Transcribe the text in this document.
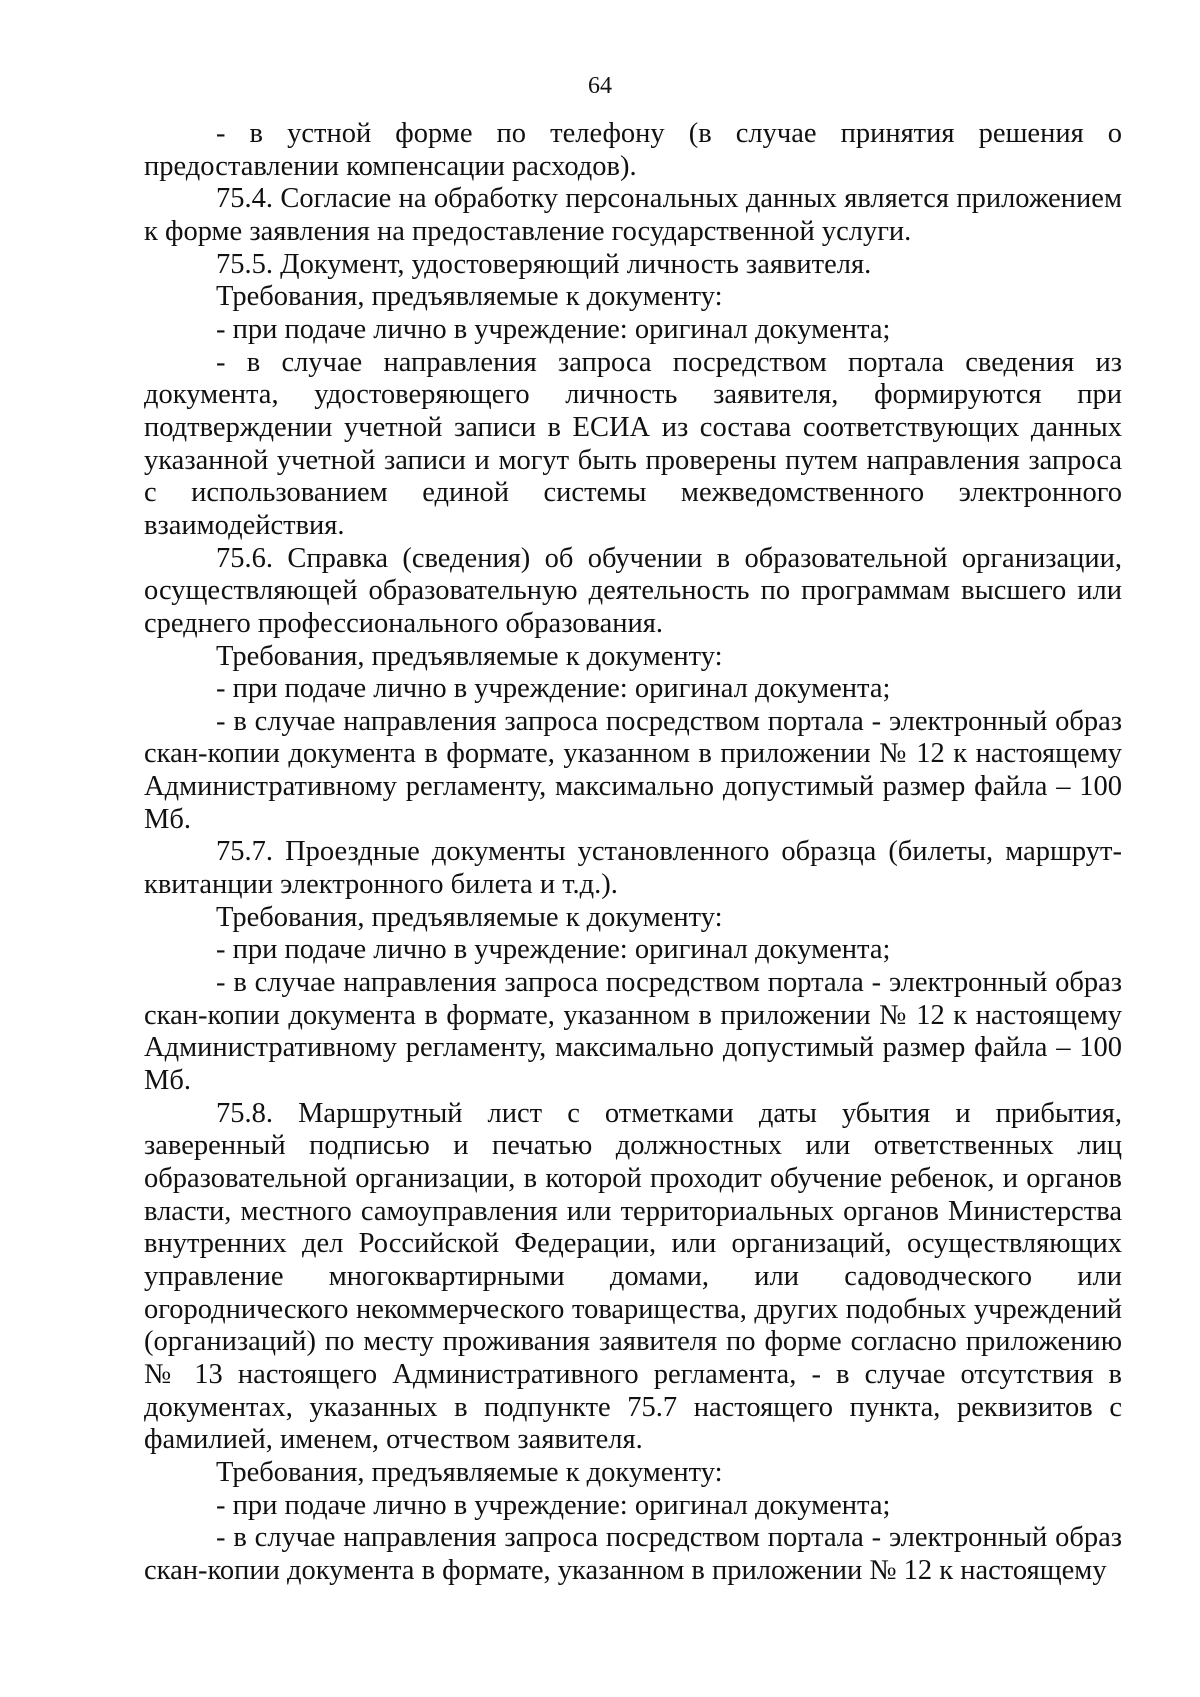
64

- в устной форме по телефону (в случае принятия решения о предоставлении компенсации расходов).

75.4. Согласие на обработку персональных данных является приложением к форме заявления на предоставление государственной услуги.

75.5. Документ, удостоверяющий личность заявителя.

Требования, предъявляемые к документу:

- при подаче лично в учреждение: оригинал документа;

- в случае направления запроса посредством портала сведения из документа, удостоверяющего личность заявителя, формируются при подтверждении учетной записи в ЕСИА из состава соответствующих данных указанной учетной записи и могут быть проверены путем направления запроса с использованием единой системы межведомственного электронного взаимодействия.

75.6. Справка (сведения) об обучении в образовательной организации, осуществляющей образовательную деятельность по программам высшего или среднего профессионального образования.

Требования, предъявляемые к документу:

- при подаче лично в учреждение: оригинал документа;

- в случае направления запроса посредством портала - электронный образ скан-копии документа в формате, указанном в приложении № 12 к настоящему Административному регламенту, максимально допустимый размер файла – 100 Мб.

75.7. Проездные документы установленного образца (билеты, маршрут-квитанции электронного билета и т.д.).

Требования, предъявляемые к документу:

- при подаче лично в учреждение: оригинал документа;

- в случае направления запроса посредством портала - электронный образ скан-копии документа в формате, указанном в приложении № 12 к настоящему Административному регламенту, максимально допустимый размер файла – 100 Мб.

75.8. Маршрутный лист с отметками даты убытия и прибытия, заверенный подписью и печатью должностных или ответственных лиц образовательной организации, в которой проходит обучение ребенок, и органов власти, местного самоуправления или территориальных органов Министерства внутренних дел Российской Федерации, или организаций, осуществляющих управление многоквартирными домами, или садоводческого или огороднического некоммерческого товарищества, других подобных учреждений (организаций) по месту проживания заявителя по форме согласно приложению № 13 настоящего Административного регламента, - в случае отсутствия в документах, указанных в подпункте 75.7 настоящего пункта, реквизитов с фамилией, именем, отчеством заявителя.

Требования, предъявляемые к документу:

- при подаче лично в учреждение: оригинал документа;

- в случае направления запроса посредством портала - электронный образ скан-копии документа в формате, указанном в приложении № 12 к настоящему
